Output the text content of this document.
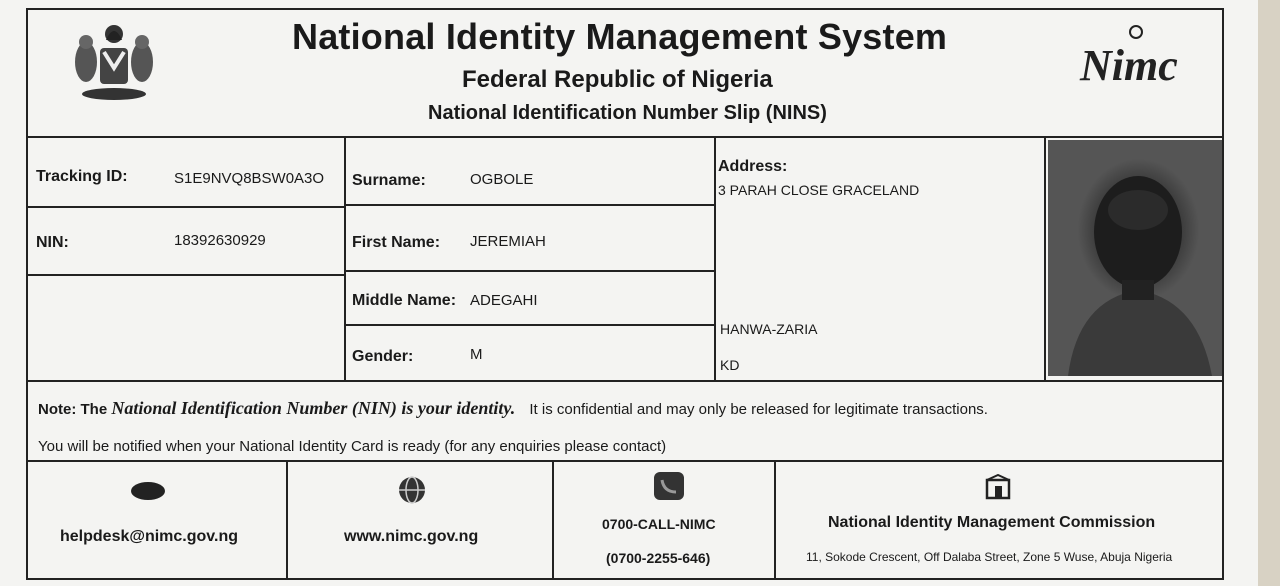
National Identity Management System
Federal Republic of Nigeria
National Identification Number Slip (NINS)
Nimc
Tracking ID:	S1E9NVQ8BSW0A3O
NIN:	18392630929
Surname:	OGBOLE
First Name: JEREMIAH
Middle Name: ADEGAHI
Gender:	M
Address:
3 PARAH CLOSE GRACELAND
HANWA-ZARIA
KD
Note: The National Identification Number (NIN) is your identity. It is confidential and may only be released for legitimate transactions.
You will be notified when your National Identity Card is ready (for any enquiries please contact)
helpdesk@nimc.gov.ng	www.nimc.gov.ng
0700-CALL-NIMC
(0700-2255-646)
National Identity Management Commission
11, Sokode Crescent, Off Dalaba Street, Zone 5 Wuse, Abuja Nigeria
